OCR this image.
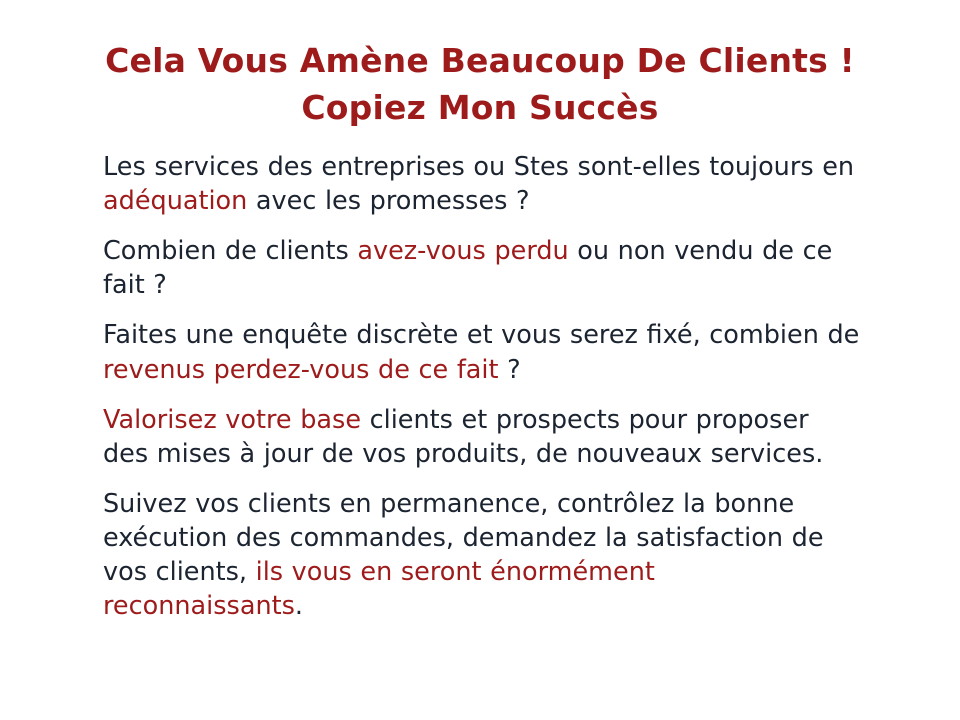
Cela Vous Amène Beaucoup De Clients !
Copiez Mon Succès

Les services des entreprises ou Stes sont-elles toujours en adéquation avec les promesses ?

Combien de clients avez-vous perdu ou non vendu de ce fait ?

Faites une enquête discrète et vous serez fixé, combien de revenus perdez-vous de ce fait ?

Valorisez votre base clients et prospects pour proposer des mises à jour de vos produits, de nouveaux services.

Suivez vos clients en permanence, contrôlez la bonne exécution des commandes, demandez la satisfaction de vos clients, ils vous en seront énormément reconnaissants.
